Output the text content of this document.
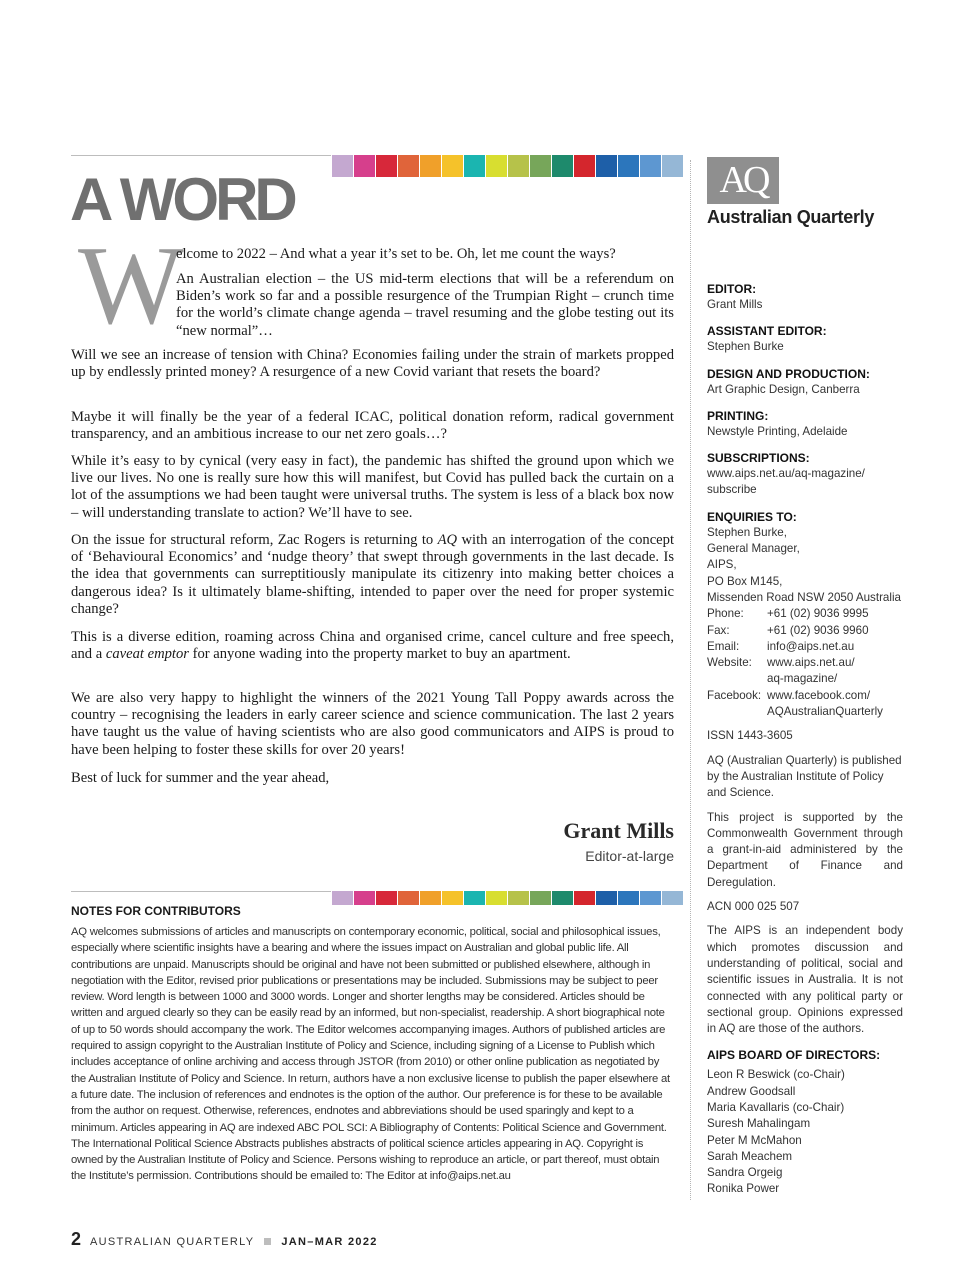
A WORD
W

elcome to 2022 – And what a year it’s set to be. Oh, let me count the ways?

An Australian election – the US mid-term elections that will be a referendum on Biden’s work so far and a possible resurgence of the Trumpian Right – crunch time for the world’s climate change agenda – travel resuming and the globe testing out its “new normal”…

Will we see an increase of tension with China? Economies failing under the strain of markets propped up by endlessly printed money? A resurgence of a new Covid variant that resets the board?

Maybe it will finally be the year of a federal ICAC, political donation reform, radical government transparency, and an ambitious increase to our net zero goals…?

While it’s easy to by cynical (very easy in fact), the pandemic has shifted the ground upon which we live our lives. No one is really sure how this will manifest, but Covid has pulled back the curtain on a lot of the assumptions we had been taught were universal truths. The system is less of a black box now – will understanding translate to action? We’ll have to see.

On the issue for structural reform, Zac Rogers is returning to AQ with an interrogation of the concept of ‘Behavioural Economics’ and ‘nudge theory’ that swept through governments in the last decade. Is the idea that governments can surreptitiously manipulate its citizenry into making better choices a dangerous idea? Is it ultimately blame-shifting, intended to paper over the need for proper systemic change?

This is a diverse edition, roaming across China and organised crime, cancel culture and free speech, and a caveat emptor for anyone wading into the property market to buy an apartment.

We are also very happy to highlight the winners of the 2021 Young Tall Poppy awards across the country – recognising the leaders in early career science and science communication. The last 2 years have taught us the value of having scientists who are also good communicators and AIPS is proud to have been helping to foster these skills for over 20 years!

Best of luck for summer and the year ahead,

Grant Mills
Editor-at-large
NOTES FOR CONTRIBUTORS

AQ welcomes submissions of articles and manuscripts on contemporary economic, political, social and philosophical issues, especially where scientific insights have a bearing and where the issues impact on Australian and global public life. All contributions are unpaid. Manuscripts should be original and have not been submitted or published elsewhere, although in negotiation with the Editor, revised prior publications or presentations may be included. Submissions may be subject to peer review. Word length is between 1000 and 3000 words. Longer and shorter lengths may be considered. Articles should be written and argued clearly so they can be easily read by an informed, but non-specialist, readership. A short biographical note of up to 50 words should accompany the work. The Editor welcomes accompanying images. Authors of published articles are required to assign copyright to the Australian Institute of Policy and Science, including signing of a License to Publish which includes acceptance of online archiving and access through JSTOR (from 2010) or other online publication as negotiated by the Australian Institute of Policy and Science. In return, authors have a non exclusive license to publish the paper elsewhere at a future date. The inclusion of references and endnotes is the option of the author. Our preference is for these to be available from the author on request. Otherwise, references, endnotes and abbreviations should be used sparingly and kept to a minimum. Articles appearing in AQ are indexed ABC POL SCI: A Bibliography of Contents: Political Science and Government. The International Political Science Abstracts publishes abstracts of political science articles appearing in AQ. Copyright is owned by the Australian Institute of Policy and Science. Persons wishing to reproduce an article, or part thereof, must obtain the Institute’s permission. Contributions should be emailed to: The Editor at info@aips.net.au

AQ
Australian Quarterly
EDITOR:
Grant Mills
ASSISTANT EDITOR:
Stephen Burke
DESIGN AND PRODUCTION:
Art Graphic Design, Canberra
PRINTING:
Newstyle Printing, Adelaide
SUBSCRIPTIONS:
www.aips.net.au/aq-magazine/
subscribe
ENQUIRIES TO:
Stephen Burke,
General Manager,
AIPS,
PO Box M145,
Missenden Road NSW 2050 Australia
Phone:	+61 (02) 9036 9995
Fax:	+61 (02) 9036 9960
Email:	info@aips.net.au
Website:	www.aips.net.au/
aq-magazine/
Facebook: www.facebook.com/
AQAustralianQuarterly
ISSN 1443-3605
AQ (Australian Quarterly) is published by the Australian Institute of Policy and Science.
This project is supported by the Commonwealth Government through a grant-in-aid administered by the Department of Finance and Deregulation.
ACN 000 025 507
The AIPS is an independent body which promotes discussion and understanding of political, social and scientific issues in Australia. It is not connected with any political party or sectional group. Opinions expressed in AQ are those of the authors.
AIPS BOARD OF DIRECTORS:
Leon R Beswick (co-Chair)
Andrew Goodsall
Maria Kavallaris (co-Chair)
Suresh Mahalingam
Peter M McMahon
Sarah Meachem
Sandra Orgeig
Ronika Power
2 AUSTRALIAN QUARTERLY JAN–MAR 2022
